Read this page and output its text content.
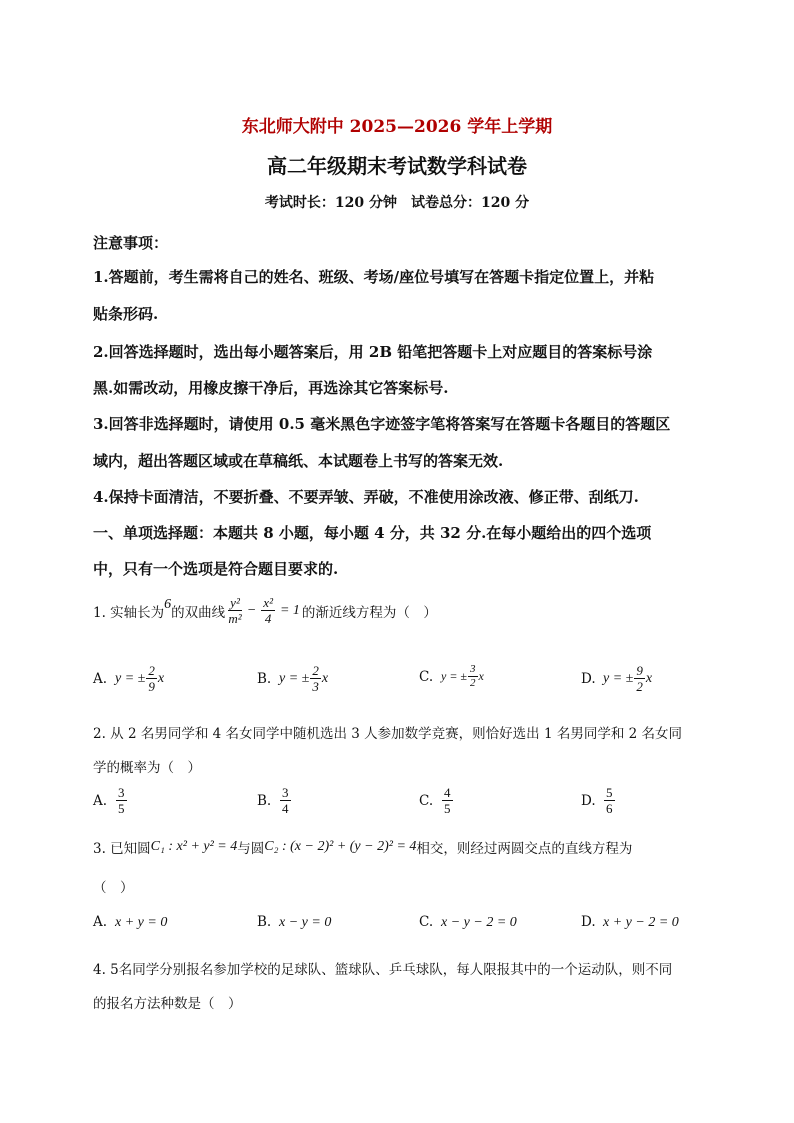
东北师大附中 2025—2026 学年上学期
高二年级期末考试数学科试卷
考试时长：120 分钟　试卷总分：120 分
注意事项：
1.答题前，考生需将自己的姓名、班级、考场/座位号填写在答题卡指定位置上，并粘
贴条形码.
2.回答选择题时，选出每小题答案后，用 2B 铅笔把答题卡上对应题目的答案标号涂
黑.如需改动，用橡皮擦干净后，再选涂其它答案标号.
3.回答非选择题时，请使用 0.5 毫米黑色字迹签字笔将答案写在答题卡各题目的答题区
域内，超出答题区域或在草稿纸、本试题卷上书写的答案无效.
4.保持卡面清洁，不要折叠、不要弄皱、弄破，不准使用涂改液、修正带、刮纸刀.
一、单项选择题：本题共 8 小题，每小题 4 分，共 32 分.在每小题给出的四个选项
中，只有一个选项是符合题目要求的.
1. 实轴长为
6
的双曲线 $\frac{\text{y²}}{\text{m²}} - \frac{\text{x²}}{4} = 1$ 的渐近线方程为（　）
A. y = ± $\frac{2}{9}$ x	B. y = ± $\frac{2}{3}$ x	C. y = ± $\frac{3}{2}$ x	D. y = ± $\frac{9}{2}$ x
2. 从 2 名男同学和 4 名女同学中随机选出 3 人参加数学竞赛，则恰好选出 1 名男同学和 2 名女同
学的概率为（　）
A. $\frac{3}{5}$	B. $\frac{3}{4}$	C. $\frac{4}{5}$	D. $\frac{5}{6}$
3. 已知圆 C₁ : x² + y² = 4 与圆 C₂ : (x − 2)² + (y − 2)² = 4 相交，则经过两圆交点的直线方程为
（　）
A. x + y = 0	B. x − y = 0	C. x − y − 2 = 0	D. x + y − 2 = 0
4. 5名同学分别报名参加学校的足球队、篮球队、乒乓球队，每人限报其中的一个运动队，则不同
的报名方法种数是（　）
